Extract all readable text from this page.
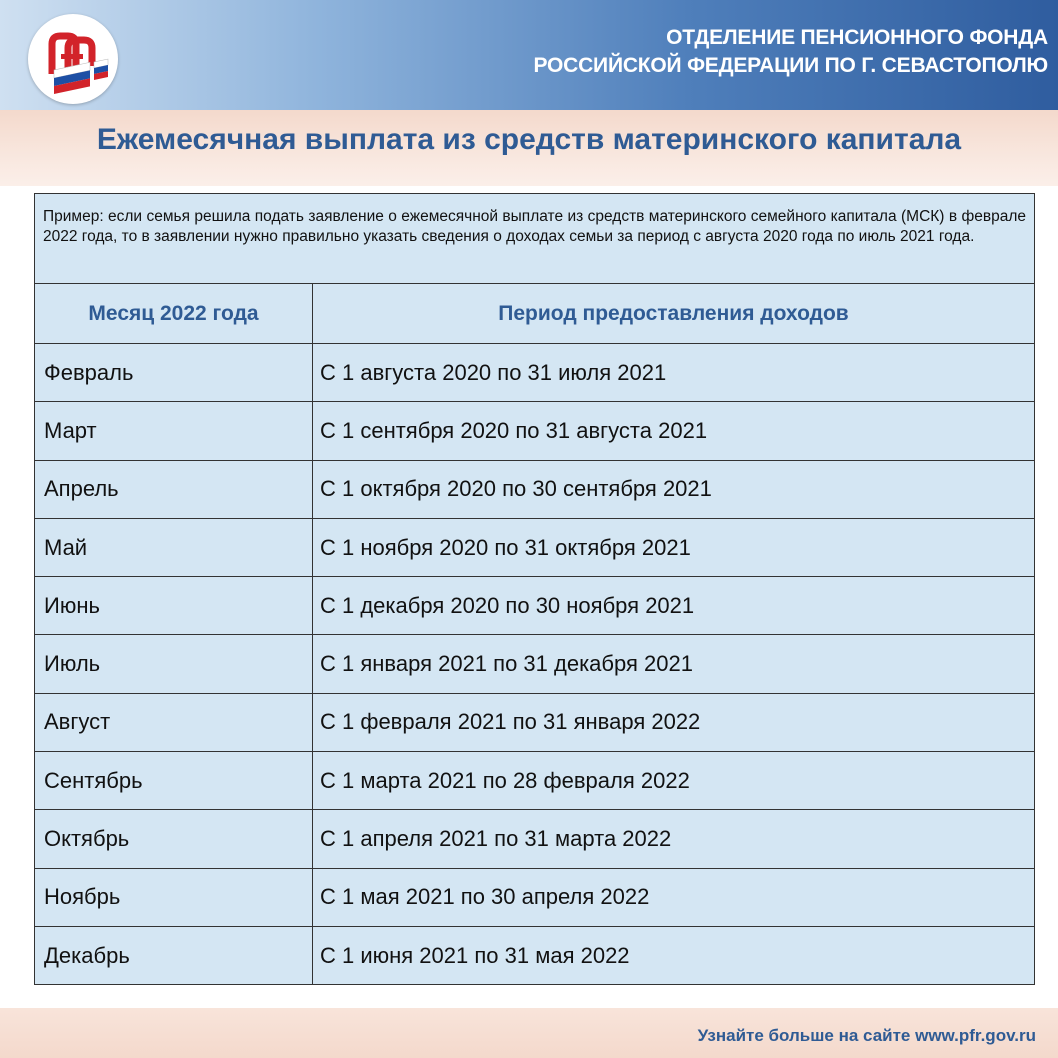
ОТДЕЛЕНИЕ ПЕНСИОННОГО ФОНДА
РОССИЙСКОЙ ФЕДЕРАЦИИ ПО Г. СЕВАСТОПОЛЮ
Ежемесячная выплата из средств материнского капитала
Пример: если семья решила подать заявление о ежемесячной выплате из средств материнского семейного капитала (МСК) в феврале 2022 года, то в заявлении нужно правильно указать сведения о доходах семьи за период с августа 2020 года по июль 2021 года.
Месяц 2022 года	Период предоставления доходов
Февраль	С 1 августа 2020 по 31 июля 2021
Март	С 1 сентября 2020 по 31 августа 2021
Апрель	С 1 октября 2020 по 30 сентября 2021
Май	С 1 ноября 2020 по 31 октября 2021
Июнь	С 1 декабря 2020 по 30 ноября 2021
Июль	С 1 января 2021 по 31 декабря 2021
Август	С 1 февраля 2021 по 31 января 2022
Сентябрь	С 1 марта 2021 по 28 февраля 2022
Октябрь	С 1 апреля 2021 по 31 марта 2022
Ноябрь	С 1 мая 2021 по 30 апреля 2022
Декабрь	С 1 июня 2021 по 31 мая 2022
Узнайте больше на сайте www.pfr.gov.ru
